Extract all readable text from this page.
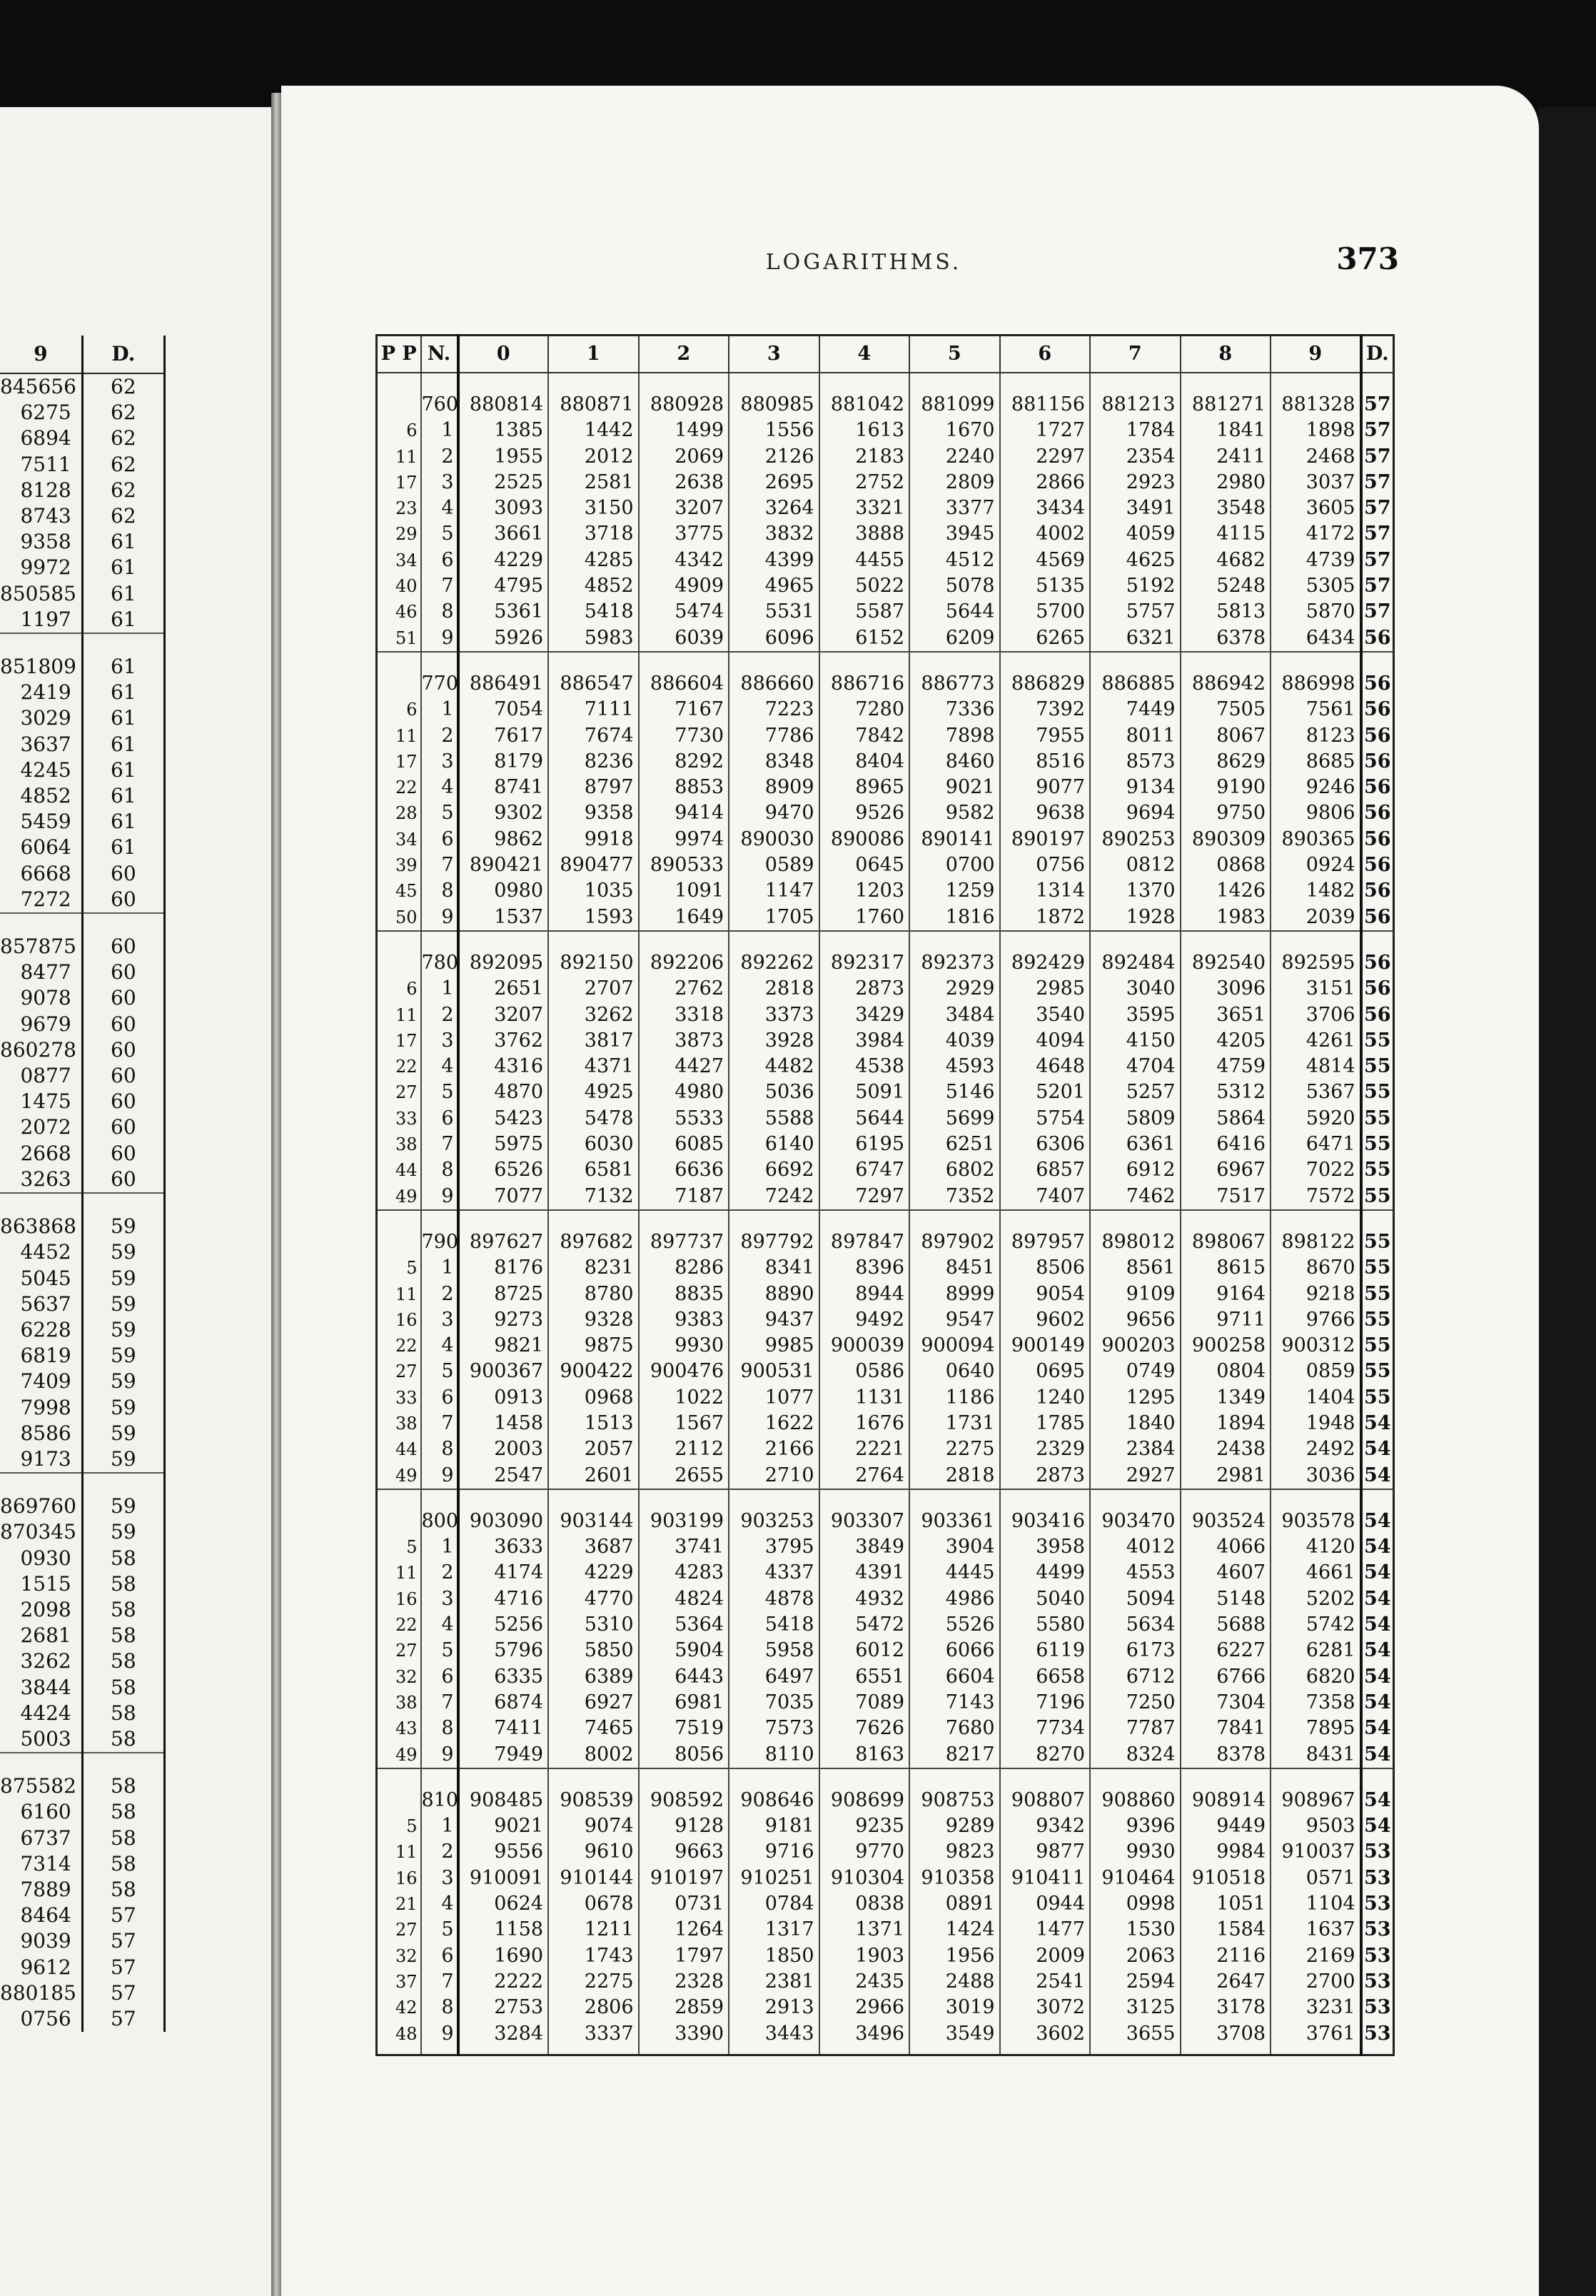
9	D.
845656	62
6275	62
6894	62
7511	62
8128	62
8743	62
9358	61
9972	61
850585	61
1197	61
851809	61
2419	61
3029	61
3637	61
4245	61
4852	61
5459	61
6064	61
6668	60
7272	60
857875	60
8477	60
9078	60
9679	60
860278	60
0877	60
1475	60
2072	60
2668	60
3263	60
863868	59
4452	59
5045	59
5637	59
6228	59
6819	59
7409	59
7998	59
8586	59
9173	59
869760	59
870345	59
0930	58
1515	58
2098	58
2681	58
3262	58
3844	58
4424	58
5003	58
875582	58
6160	58
6737	58
7314	58
7889	58
8464	57
9039	57
9612	57
880185	57
0756	57
LOGARITHMS.	373
P P	N.	0	1	2	3	4	5	6	7	8	9	D.
	760	880814	880871	880928	880985	881042	881099	881156	881213	881271	881328	57
6	1	1385	1442	1499	1556	1613	1670	1727	1784	1841	1898	57
11	2	1955	2012	2069	2126	2183	2240	2297	2354	2411	2468	57
17	3	2525	2581	2638	2695	2752	2809	2866	2923	2980	3037	57
23	4	3093	3150	3207	3264	3321	3377	3434	3491	3548	3605	57
29	5	3661	3718	3775	3832	3888	3945	4002	4059	4115	4172	57
34	6	4229	4285	4342	4399	4455	4512	4569	4625	4682	4739	57
40	7	4795	4852	4909	4965	5022	5078	5135	5192	5248	5305	57
46	8	5361	5418	5474	5531	5587	5644	5700	5757	5813	5870	57
51	9	5926	5983	6039	6096	6152	6209	6265	6321	6378	6434	56
	770	886491	886547	886604	886660	886716	886773	886829	886885	886942	886998	56
6	1	7054	7111	7167	7223	7280	7336	7392	7449	7505	7561	56
11	2	7617	7674	7730	7786	7842	7898	7955	8011	8067	8123	56
17	3	8179	8236	8292	8348	8404	8460	8516	8573	8629	8685	56
22	4	8741	8797	8853	8909	8965	9021	9077	9134	9190	9246	56
28	5	9302	9358	9414	9470	9526	9582	9638	9694	9750	9806	56
34	6	9862	9918	9974	890030	890086	890141	890197	890253	890309	890365	56
39	7	890421	890477	890533	0589	0645	0700	0756	0812	0868	0924	56
45	8	0980	1035	1091	1147	1203	1259	1314	1370	1426	1482	56
50	9	1537	1593	1649	1705	1760	1816	1872	1928	1983	2039	56
	780	892095	892150	892206	892262	892317	892373	892429	892484	892540	892595	56
6	1	2651	2707	2762	2818	2873	2929	2985	3040	3096	3151	56
11	2	3207	3262	3318	3373	3429	3484	3540	3595	3651	3706	56
17	3	3762	3817	3873	3928	3984	4039	4094	4150	4205	4261	55
22	4	4316	4371	4427	4482	4538	4593	4648	4704	4759	4814	55
27	5	4870	4925	4980	5036	5091	5146	5201	5257	5312	5367	55
33	6	5423	5478	5533	5588	5644	5699	5754	5809	5864	5920	55
38	7	5975	6030	6085	6140	6195	6251	6306	6361	6416	6471	55
44	8	6526	6581	6636	6692	6747	6802	6857	6912	6967	7022	55
49	9	7077	7132	7187	7242	7297	7352	7407	7462	7517	7572	55
	790	897627	897682	897737	897792	897847	897902	897957	898012	898067	898122	55
5	1	8176	8231	8286	8341	8396	8451	8506	8561	8615	8670	55
11	2	8725	8780	8835	8890	8944	8999	9054	9109	9164	9218	55
16	3	9273	9328	9383	9437	9492	9547	9602	9656	9711	9766	55
22	4	9821	9875	9930	9985	900039	900094	900149	900203	900258	900312	55
27	5	900367	900422	900476	900531	0586	0640	0695	0749	0804	0859	55
33	6	0913	0968	1022	1077	1131	1186	1240	1295	1349	1404	55
38	7	1458	1513	1567	1622	1676	1731	1785	1840	1894	1948	54
44	8	2003	2057	2112	2166	2221	2275	2329	2384	2438	2492	54
49	9	2547	2601	2655	2710	2764	2818	2873	2927	2981	3036	54
	800	903090	903144	903199	903253	903307	903361	903416	903470	903524	903578	54
5	1	3633	3687	3741	3795	3849	3904	3958	4012	4066	4120	54
11	2	4174	4229	4283	4337	4391	4445	4499	4553	4607	4661	54
16	3	4716	4770	4824	4878	4932	4986	5040	5094	5148	5202	54
22	4	5256	5310	5364	5418	5472	5526	5580	5634	5688	5742	54
27	5	5796	5850	5904	5958	6012	6066	6119	6173	6227	6281	54
32	6	6335	6389	6443	6497	6551	6604	6658	6712	6766	6820	54
38	7	6874	6927	6981	7035	7089	7143	7196	7250	7304	7358	54
43	8	7411	7465	7519	7573	7626	7680	7734	7787	7841	7895	54
49	9	7949	8002	8056	8110	8163	8217	8270	8324	8378	8431	54
	810	908485	908539	908592	908646	908699	908753	908807	908860	908914	908967	54
5	1	9021	9074	9128	9181	9235	9289	9342	9396	9449	9503	54
11	2	9556	9610	9663	9716	9770	9823	9877	9930	9984	910037	53
16	3	910091	910144	910197	910251	910304	910358	910411	910464	910518	0571	53
21	4	0624	0678	0731	0784	0838	0891	0944	0998	1051	1104	53
27	5	1158	1211	1264	1317	1371	1424	1477	1530	1584	1637	53
32	6	1690	1743	1797	1850	1903	1956	2009	2063	2116	2169	53
37	7	2222	2275	2328	2381	2435	2488	2541	2594	2647	2700	53
42	8	2753	2806	2859	2913	2966	3019	3072	3125	3178	3231	53
48	9	3284	3337	3390	3443	3496	3549	3602	3655	3708	3761	53
